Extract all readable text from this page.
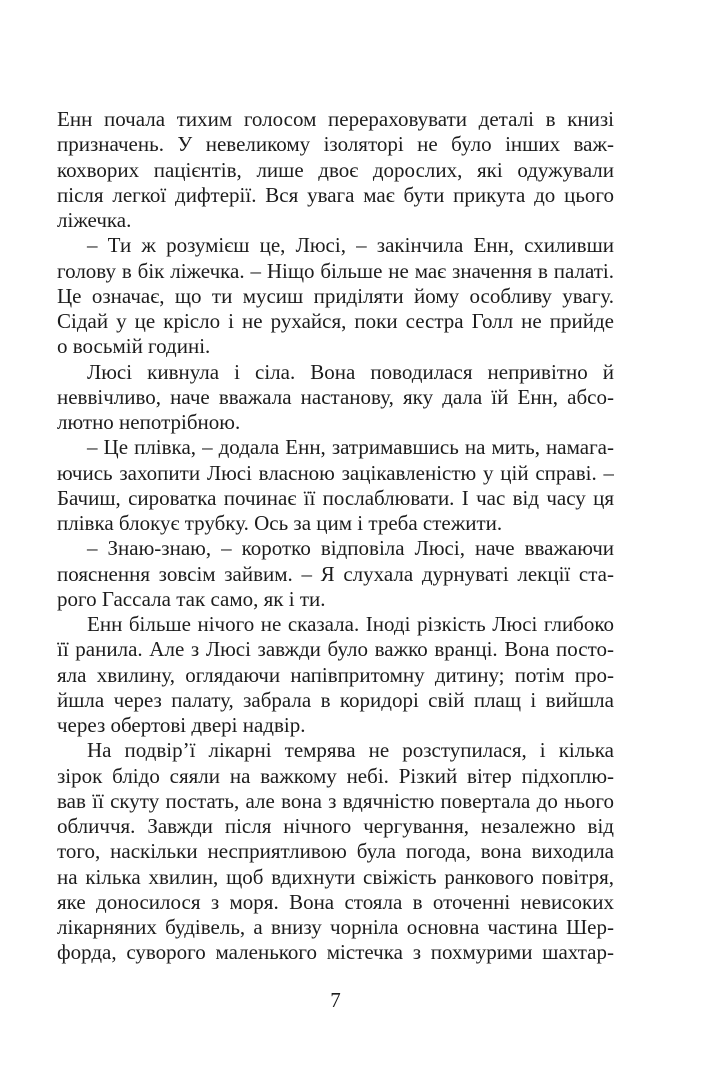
Енн почала тихим голосом перераховувати деталі в книзі
призначень. У невеликому ізоляторі не було інших важ-
кохворих пацієнтів, лише двоє дорослих, які одужували
після легкої дифтерії. Вся увага має бути прикута до цього
ліжечка.
– Ти ж розумієш це, Люсі, – закінчила Енн, схиливши
голову в бік ліжечка. – Ніщо більше не має значення в палаті.
Це означає, що ти мусиш приділяти йому особливу увагу.
Сідай у це крісло і не рухайся, поки сестра Голл не прийде
о восьмій годині.
Люсі кивнула і сіла. Вона поводилася непривітно й
неввічливо, наче вважала настанову, яку дала їй Енн, абсо-
лютно непотрібною.
– Це плівка, – додала Енн, затримавшись на мить, намага-
ючись захопити Люсі власною зацікавленістю у цій справі. –
Бачиш, сироватка починає її послаблювати. І час від часу ця
плівка блокує трубку. Ось за цим і треба стежити.
– Знаю-знаю, – коротко відповіла Люсі, наче вважаючи
пояснення зовсім зайвим. – Я слухала дурнуваті лекції ста-
рого Гассала так само, як і ти.
Енн більше нічого не сказала. Іноді різкість Люсі глибоко
її ранила. Але з Люсі завжди було важко вранці. Вона посто-
яла хвилину, оглядаючи напівпритомну дитину; потім про-
йшла через палату, забрала в коридорі свій плащ і вийшла
через обертові двері надвір.
На подвір’ї лікарні темрява не розступилася, і кілька
зірок блідо сяяли на важкому небі. Різкий вітер підхоплю-
вав її скуту постать, але вона з вдячністю повертала до нього
обличчя. Завжди після нічного чергування, незалежно від
того, наскільки несприятливою була погода, вона виходила
на кілька хвилин, щоб вдихнути свіжість ранкового повітря,
яке доносилося з моря. Вона стояла в оточенні невисоких
лікарняних будівель, а внизу чорніла основна частина Шер-
форда, суворого маленького містечка з похмурими шахтар-
7
